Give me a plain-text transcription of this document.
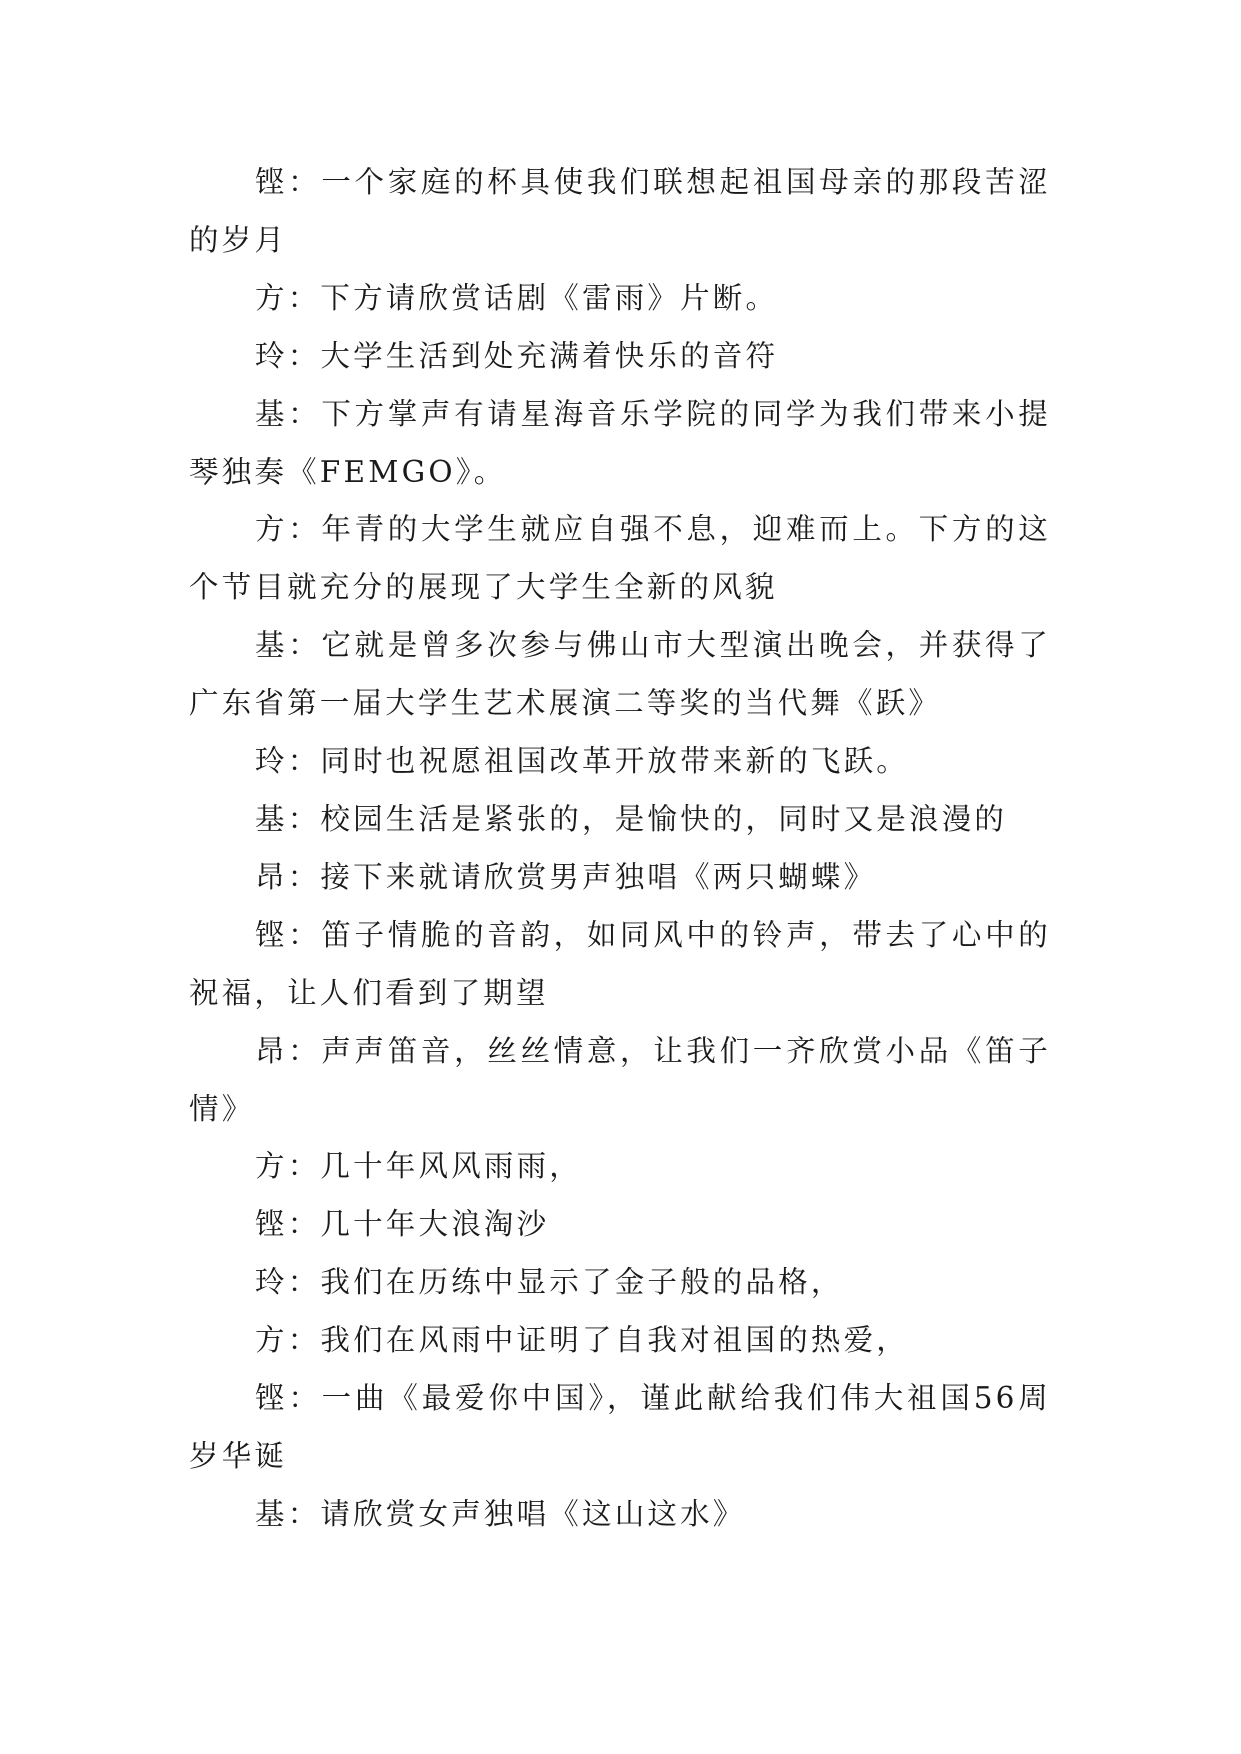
铿：一个家庭的杯具使我们联想起祖国母亲的那段苦涩的岁月

方：下方请欣赏话剧《雷雨》片断。

玲：大学生活到处充满着快乐的音符

基：下方掌声有请星海音乐学院的同学为我们带来小提琴独奏《FEMGO》。

方：年青的大学生就应自强不息，迎难而上。下方的这个节目就充分的展现了大学生全新的风貌

基：它就是曾多次参与佛山市大型演出晚会，并获得了广东省第一届大学生艺术展演二等奖的当代舞《跃》

玲：同时也祝愿祖国改革开放带来新的飞跃。

基：校园生活是紧张的，是愉快的，同时又是浪漫的

昂：接下来就请欣赏男声独唱《两只蝴蝶》

铿：笛子情脆的音韵，如同风中的铃声，带去了心中的祝福，让人们看到了期望

昂：声声笛音，丝丝情意，让我们一齐欣赏小品《笛子情》

方：几十年风风雨雨，

铿：几十年大浪淘沙

玲：我们在历练中显示了金子般的品格，

方：我们在风雨中证明了自我对祖国的热爱，

铿：一曲《最爱你中国》，谨此献给我们伟大祖国56周岁华诞

基：请欣赏女声独唱《这山这水》
